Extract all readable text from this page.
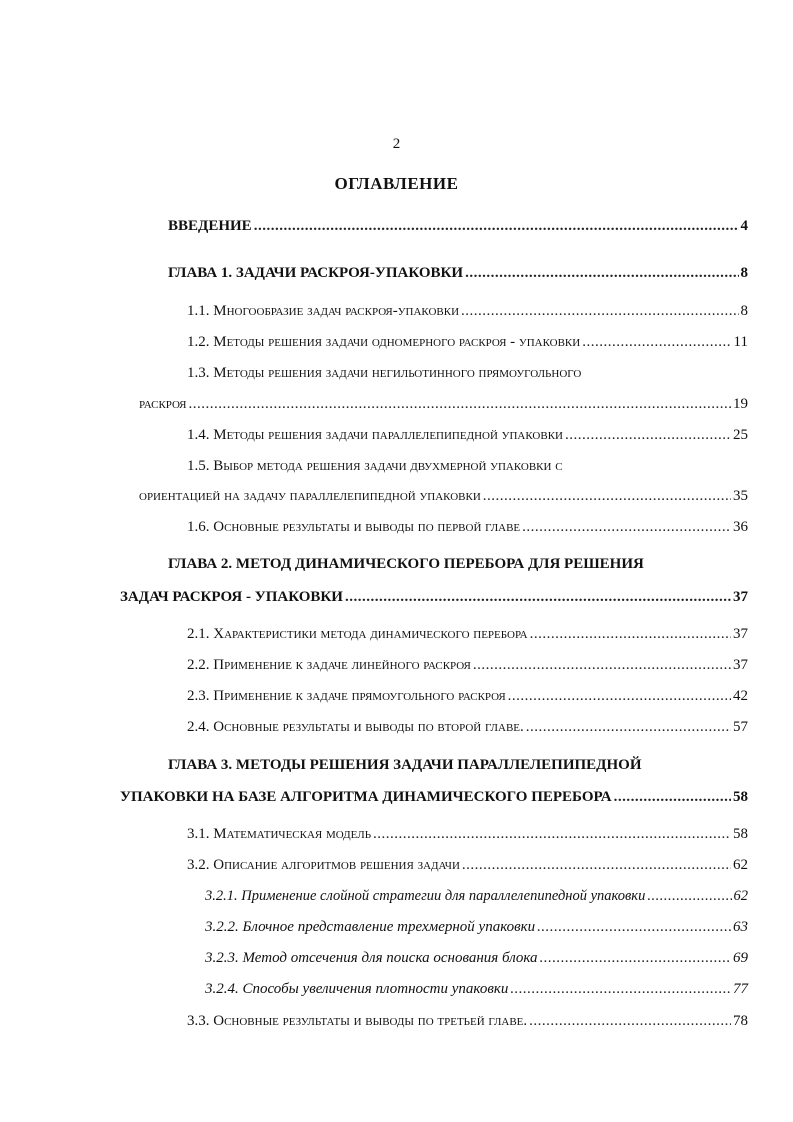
2
ОГЛАВЛЕНИЕ
ВВЕДЕНИЕ .....	4
ГЛАВА 1. ЗАДАЧИ РАСКРОЯ-УПАКОВКИ .....	8
1.1. Многообразие задач раскроя-упаковки .....	8
1.2. Методы решения задачи одномерного раскроя - упаковки .....	11
1.3. Методы решения задачи негильотинного прямоугольного
раскроя .....	19
1.4. Методы решения задачи параллелепипедной упаковки .....	25
1.5. Выбор метода решения задачи двухмерной упаковки с
ориентацией на задачу параллелепипедной упаковки .....	35
1.6. Основные результаты и выводы по первой главе .....	36
ГЛАВА 2. МЕТОД ДИНАМИЧЕСКОГО ПЕРЕБОРА ДЛЯ РЕШЕНИЯ
ЗАДАЧ РАСКРОЯ - УПАКОВКИ .....	37
2.1. Характеристики метода динамического перебора .....	37
2.2. Применение к задаче линейного раскроя .....	37
2.3. Применение к задаче прямоугольного раскроя .....	42
2.4. Основные результаты и выводы по второй главе. .....	57
ГЛАВА 3. МЕТОДЫ РЕШЕНИЯ ЗАДАЧИ ПАРАЛЛЕЛЕПИПЕДНОЙ
УПАКОВКИ НА БАЗЕ АЛГОРИТМА ДИНАМИЧЕСКОГО ПЕРЕБОРА .....	58
3.1. Математическая модель .....	58
3.2. Описание алгоритмов решения задачи .....	62
3.2.1. Применение слойной стратегии для параллелепипедной упаковки .....	62
3.2.2. Блочное представление трехмерной упаковки .....	63
3.2.3. Метод отсечения для поиска основания блока .....	69
3.2.4. Способы увеличения плотности упаковки .....	77
3.3. Основные результаты и выводы по третьей главе. .....	78
